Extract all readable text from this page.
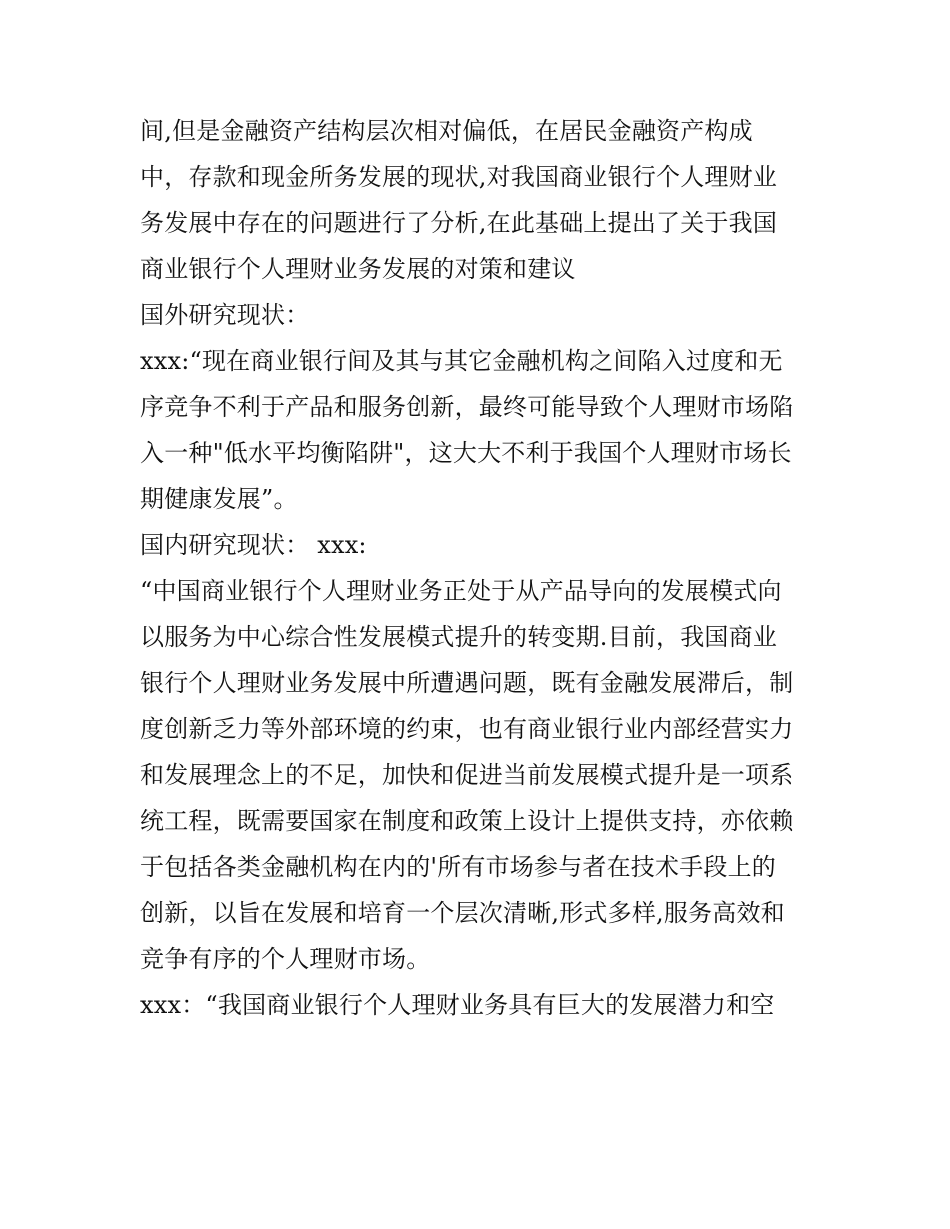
间,但是金融资产结构层次相对偏低，在居民金融资产构成
中，存款和现金所务发展的现状,对我国商业银行个人理财业
务发展中存在的问题进行了分析,在此基础上提出了关于我国
商业银行个人理财业务发展的对策和建议
国外研究现状：
xxx:“现在商业银行间及其与其它金融机构之间陷入过度和无
序竞争不利于产品和服务创新，最终可能导致个人理财市场陷
入一种"低水平均衡陷阱"，这大大不利于我国个人理财市场长
期健康发展”。
国内研究现状： xxx:
“中国商业银行个人理财业务正处于从产品导向的发展模式向
以服务为中心综合性发展模式提升的转变期.目前，我国商业
银行个人理财业务发展中所遭遇问题，既有金融发展滞后，制
度创新乏力等外部环境的约束，也有商业银行业内部经营实力
和发展理念上的不足，加快和促进当前发展模式提升是一项系
统工程，既需要国家在制度和政策上设计上提供支持，亦依赖
于包括各类金融机构在内的'所有市场参与者在技术手段上的
创新，以旨在发展和培育一个层次清晰,形式多样,服务高效和
竞争有序的个人理财市场。
xxx：“我国商业银行个人理财业务具有巨大的发展潜力和空
